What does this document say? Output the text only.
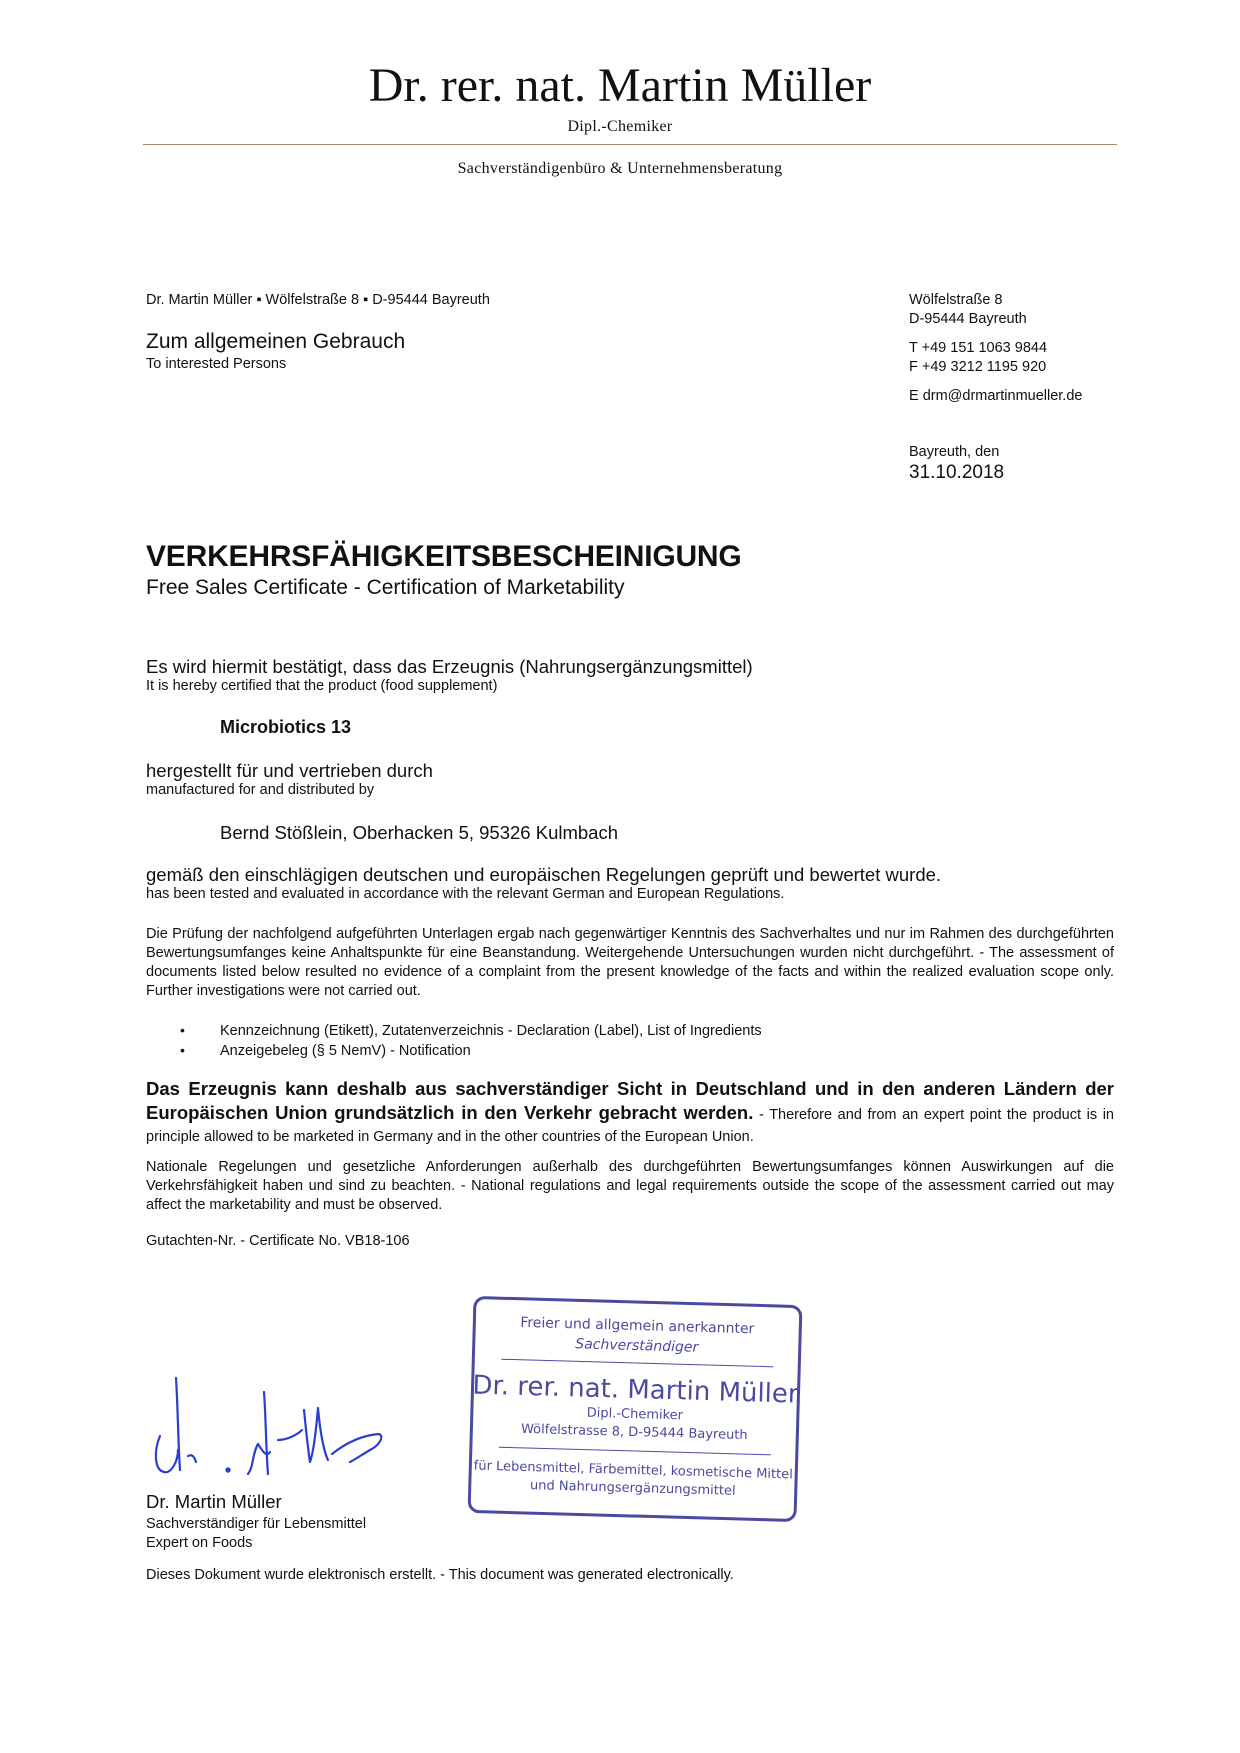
Dr. rer. nat. Martin Müller
Dipl.-Chemiker
Sachverständigenbüro & Unternehmensberatung
Dr. Martin Müller ▪ Wölfelstraße 8 ▪ D-95444 Bayreuth
Zum allgemeinen Gebrauch
To interested Persons
Wölfelstraße 8
D-95444 Bayreuth
T +49 151 1063 9844
F +49 3212 1195 920
E drm@drmartinmueller.de
Bayreuth, den
31.10.2018
VERKEHRSFÄHIGKEITSBESCHEINIGUNG
Free Sales Certificate - Certification of Marketability
Es wird hiermit bestätigt, dass das Erzeugnis (Nahrungsergänzungsmittel)
It is hereby certified that the product (food supplement)
Microbiotics 13
hergestellt für und vertrieben durch
manufactured for and distributed by
Bernd Stößlein, Oberhacken 5, 95326 Kulmbach
gemäß den einschlägigen deutschen und europäischen Regelungen geprüft und bewertet wurde.
has been tested and evaluated in accordance with the relevant German and European Regulations.

Die Prüfung der nachfolgend aufgeführten Unterlagen ergab nach gegenwärtiger Kenntnis des Sachverhaltes und nur im Rahmen des durchgeführten Bewertungsumfanges keine Anhaltspunkte für eine Beanstandung. Weitergehende Untersuchungen wurden nicht durchgeführt. - The assessment of documents listed below resulted no evidence of a complaint from the present knowledge of the facts and within the realized evaluation scope only. Further investigations were not carried out.

•	Kennzeichnung (Etikett), Zutatenverzeichnis - Declaration (Label), List of Ingredients
•	Anzeigebeleg (§ 5 NemV) - Notification

Das Erzeugnis kann deshalb aus sachverständiger Sicht in Deutschland und in den anderen Ländern der Europäischen Union grundsätzlich in den Verkehr gebracht werden. - Therefore and from an expert point the product is in principle allowed to be marketed in Germany and in the other countries of the European Union.

Nationale Regelungen und gesetzliche Anforderungen außerhalb des durchgeführten Bewertungsumfanges können Auswirkungen auf die Verkehrsfähigkeit haben und sind zu beachten. - National regulations and legal requirements outside the scope of the assessment carried out may affect the marketability and must be observed.

Gutachten-Nr. - Certificate No. VB18-106
Dr. Martin Müller
Sachverständiger für Lebensmittel
Expert on Foods
Freier und allgemein anerkannter
Sachverständiger
Dr. rer. nat. Martin Müller
Dipl.-Chemiker
Wölfelstrasse 8, D-95444 Bayreuth
für Lebensmittel, Färbemittel, kosmetische Mittel
und Nahrungsergänzungsmittel
Dieses Dokument wurde elektronisch erstellt. - This document was generated electronically.
